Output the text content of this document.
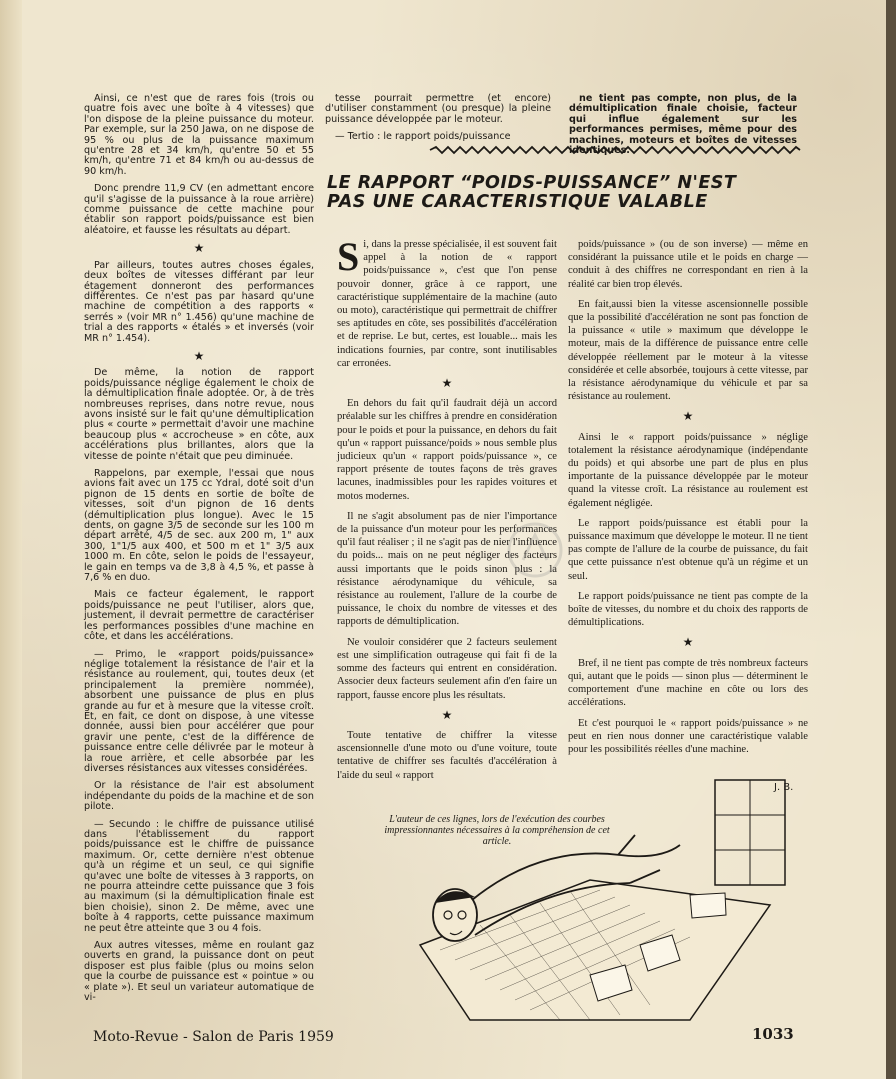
Ainsi, ce n'est que de rares fois (trois ou quatre fois avec une boîte à 4 vitesses) que l'on dispose de la pleine puissance du moteur. Par exemple, sur la 250 Jawa, on ne dispose de 95 % ou plus de la puissance maximum qu'entre 28 et 34 km/h, qu'entre 50 et 55 km/h, qu'entre 71 et 84 km/h ou au-dessus de 90 km/h.

Donc prendre 11,9 CV (en admettant encore qu'il s'agisse de la puissance à la roue arrière) comme puissance de cette machine pour établir son rapport poids/puissance est bien aléatoire, et fausse les résultats au départ.

★

Par ailleurs, toutes autres choses égales, deux boîtes de vitesses différant par leur étagement donneront des performances différentes. Ce n'est pas par hasard qu'une machine de compétition a des rapports « serrés » (voir MR n° 1.456) qu'une machine de trial a des rapports « étalés » et inversés (voir MR n° 1.454).

★

De même, la notion de rapport poids/puissance néglige également le choix de la démultiplication finale adoptée. Or, à de très nombreuses reprises, dans notre revue, nous avons insisté sur le fait qu'une démultiplication plus « courte » permettait d'avoir une machine beaucoup plus « accrocheuse » en côte, aux accélérations plus brillantes, alors que la vitesse de pointe n'était que peu diminuée.

Rappelons, par exemple, l'essai que nous avions fait avec un 175 cc Ydral, doté soit d'un pignon de 15 dents en sortie de boîte de vitesses, soit d'un pignon de 16 dents (démultiplication plus longue). Avec le 15 dents, on gagne 3/5 de seconde sur les 100 m départ arrêté, 4/5 de sec. aux 200 m, 1" aux 300, 1"1/5 aux 400, et 500 m et 1" 3/5 aux 1000 m. En côte, selon le poids de l'essayeur, le gain en temps va de 3,8 à 4,5 %, et passe à 7,6 % en duo.

Mais ce facteur également, le rapport poids/puissance ne peut l'utiliser, alors que, justement, il devrait permettre de caractériser les performances possibles d'une machine en côte, et dans les accélérations.

— Primo, le «rapport poids/puissance» néglige totalement la résistance de l'air et la résistance au roulement, qui, toutes deux (et principalement la première nommée), absorbent une puissance de plus en plus grande au fur et à mesure que la vitesse croît. Et, en fait, ce dont on dispose, à une vitesse donnée, aussi bien pour accélérer que pour gravir une pente, c'est de la différence de puissance entre celle délivrée par le moteur à la roue arrière, et celle absorbée par les diverses résistances aux vitesses considérées.

Or la résistance de l'air est absolument indépendante du poids de la machine et de son pilote.

— Secundo : le chiffre de puissance utilisé dans l'établissement du rapport poids/puissance est le chiffre de puissance maximum. Or, cette dernière n'est obtenue qu'à un régime et un seul, ce qui signifie qu'avec une boîte de vitesses à 3 rapports, on ne pourra atteindre cette puissance que 3 fois au maximum (si la démultiplication finale est bien choisie), sinon 2. De même, avec une boîte à 4 rapports, cette puissance maximum ne peut être atteinte que 3 ou 4 fois.

Aux autres vitesses, même en roulant gaz ouverts en grand, la puissance dont on peut disposer est plus faible (plus ou moins selon que la courbe de puissance est « pointue » ou « plate »). Et seul un variateur automatique de vi-

tesse pourrait permettre (et encore) d'utiliser constamment (ou presque) la pleine puissance développée par le moteur.

— Tertio : le rapport poids/puissance

ne tient pas compte, non plus, de la démultiplication finale choisie, facteur qui influe également sur les performances permises, même pour des machines, moteurs et boîtes de vitesses identiques.

LE RAPPORT “POIDS-PUISSANCE” N'EST PAS UNE CARACTERISTIQUE VALABLE

Si, dans la presse spécialisée, il est souvent fait appel à la notion de « rapport poids/puissance », c'est que l'on pense pouvoir donner, grâce à ce rapport, une caractéristique supplémentaire de la machine (auto ou moto), caractéristique qui permettrait de chiffrer ses aptitudes en côte, ses possibilités d'accélération et de reprise. Le but, certes, est louable... mais les indications fournies, par contre, sont inutilisables car erronées.

★

En dehors du fait qu'il faudrait déjà un accord préalable sur les chiffres à prendre en considération pour le poids et pour la puissance, en dehors du fait qu'un « rapport puissance/poids » nous semble plus judicieux qu'un « rapport poids/puissance », ce rapport présente de toutes façons de très graves lacunes, inadmissibles pour les rapides voitures et motos modernes.

Il ne s'agit absolument pas de nier l'importance de la puissance d'un moteur pour les performances qu'il faut réaliser ; il ne s'agit pas de nier l'influence du poids... mais on ne peut négliger des facteurs aussi importants que le poids sinon plus : la résistance aérodynamique du véhicule, sa résistance au roulement, l'allure de la courbe de puissance, le choix du nombre de vitesses et des rapports de démultiplication.

Ne vouloir considérer que 2 facteurs seulement est une simplification outrageuse qui fait fi de la somme des facteurs qui entrent en considération. Associer deux facteurs seulement afin d'en faire un rapport, fausse encore plus les résultats.

★

Toute tentative de chiffrer la vitesse ascensionnelle d'une moto ou d'une voiture, toute tentative de chiffrer ses facultés d'accélération à l'aide du seul « rapport

poids/puissance » (ou de son inverse) — même en considérant la puissance utile et le poids en charge — conduit à des chiffres ne correspondant en rien à la réalité car bien trop élevés.

En fait,aussi bien la vitesse ascensionnelle possible que la possibilité d'accélération ne sont pas fonction de la puissance « utile » maximum que développe le moteur, mais de la différence de puissance entre celle développée réellement par le moteur à la vitesse considérée et celle absorbée, toujours à cette vitesse, par la résistance aérodynamique du véhicule et par sa résistance au roulement.

★

Ainsi le « rapport poids/puissance » néglige totalement la résistance aérodynamique (indépendante du poids) et qui absorbe une part de plus en plus importante de la puissance développée par le moteur quand la vitesse croît. La résistance au roulement est également négligée.

Le rapport poids/puissance est établi pour la puissance maximum que développe le moteur. Il ne tient pas compte de l'allure de la courbe de puissance, du fait que cette puissance n'est obtenue qu'à un régime et un seul.

Le rapport poids/puissance ne tient pas compte de la boîte de vitesses, du nombre et du choix des rapports de démultiplications.

★

Bref, il ne tient pas compte de très nombreux facteurs qui, autant que le poids — sinon plus — déterminent le comportement d'une machine en côte ou lors des accélérations.

Et c'est pourquoi le « rapport poids/puissance » ne peut en rien nous donner une caractéristique valable pour les possibilités réelles d'une machine.

J. B.
L'auteur de ces lignes, lors de l'exécution des courbes impressionnantes nécessaires à la compréhension de cet article.
Moto-Revue - Salon de Paris 1959	1033
